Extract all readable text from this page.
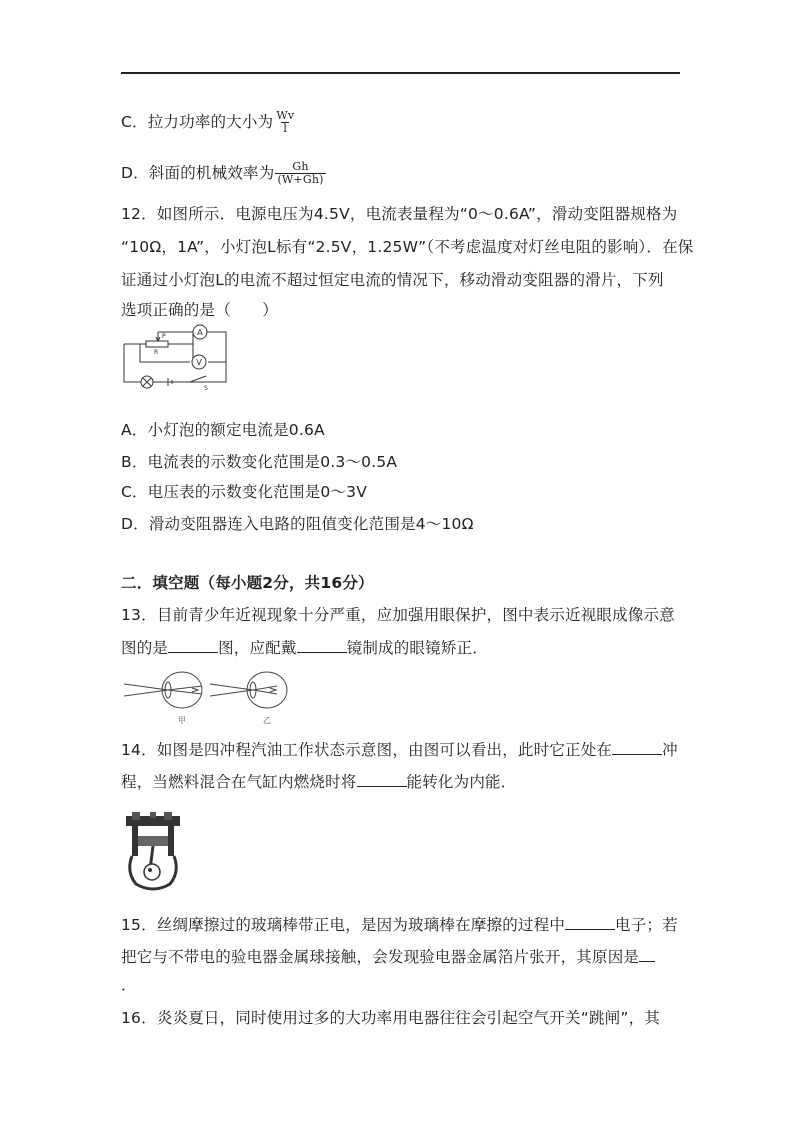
C．拉力功率的大小为 $\frac{Wv}{l}$
D．斜面的机械效率为 $\frac{Gh}{(W+Gh)}$
12．如图所示．电源电压为4.5V，电流表量程为“0～0.6A”，滑动变阻器规格为
“10Ω，1A”，小灯泡L标有“2.5V，1.25W”（不考虑温度对灯丝电阻的影响）．在保
证通过小灯泡L的电流不超过恒定电流的情况下，移动滑动变阻器的滑片，下列
选项正确的是（　　）
A
V
P
R
S
A．小灯泡的额定电流是0.6A
B．电流表的示数变化范围是0.3～0.5A
C．电压表的示数变化范围是0～3V
D．滑动变阻器连入电路的阻值变化范围是4～10Ω
二．填空题（每小题2分，共16分）
13．目前青少年近视现象十分严重，应加强用眼保护，图中表示近视眼成像示意
图的是	图，应配戴	镜制成的眼镜矫正．
甲	乙
14．如图是四冲程汽油工作状态示意图，由图可以看出，此时它正处在	冲
程，当燃料混合在气缸内燃烧时将	能转化为内能．
15．丝绸摩擦过的玻璃棒带正电，是因为玻璃棒在摩擦的过程中	电子；若
把它与不带电的验电器金属球接触，会发现验电器金属箔片张开，其原因是
．
16．炎炎夏日，同时使用过多的大功率用电器往往会引起空气开关“跳闸”，其
